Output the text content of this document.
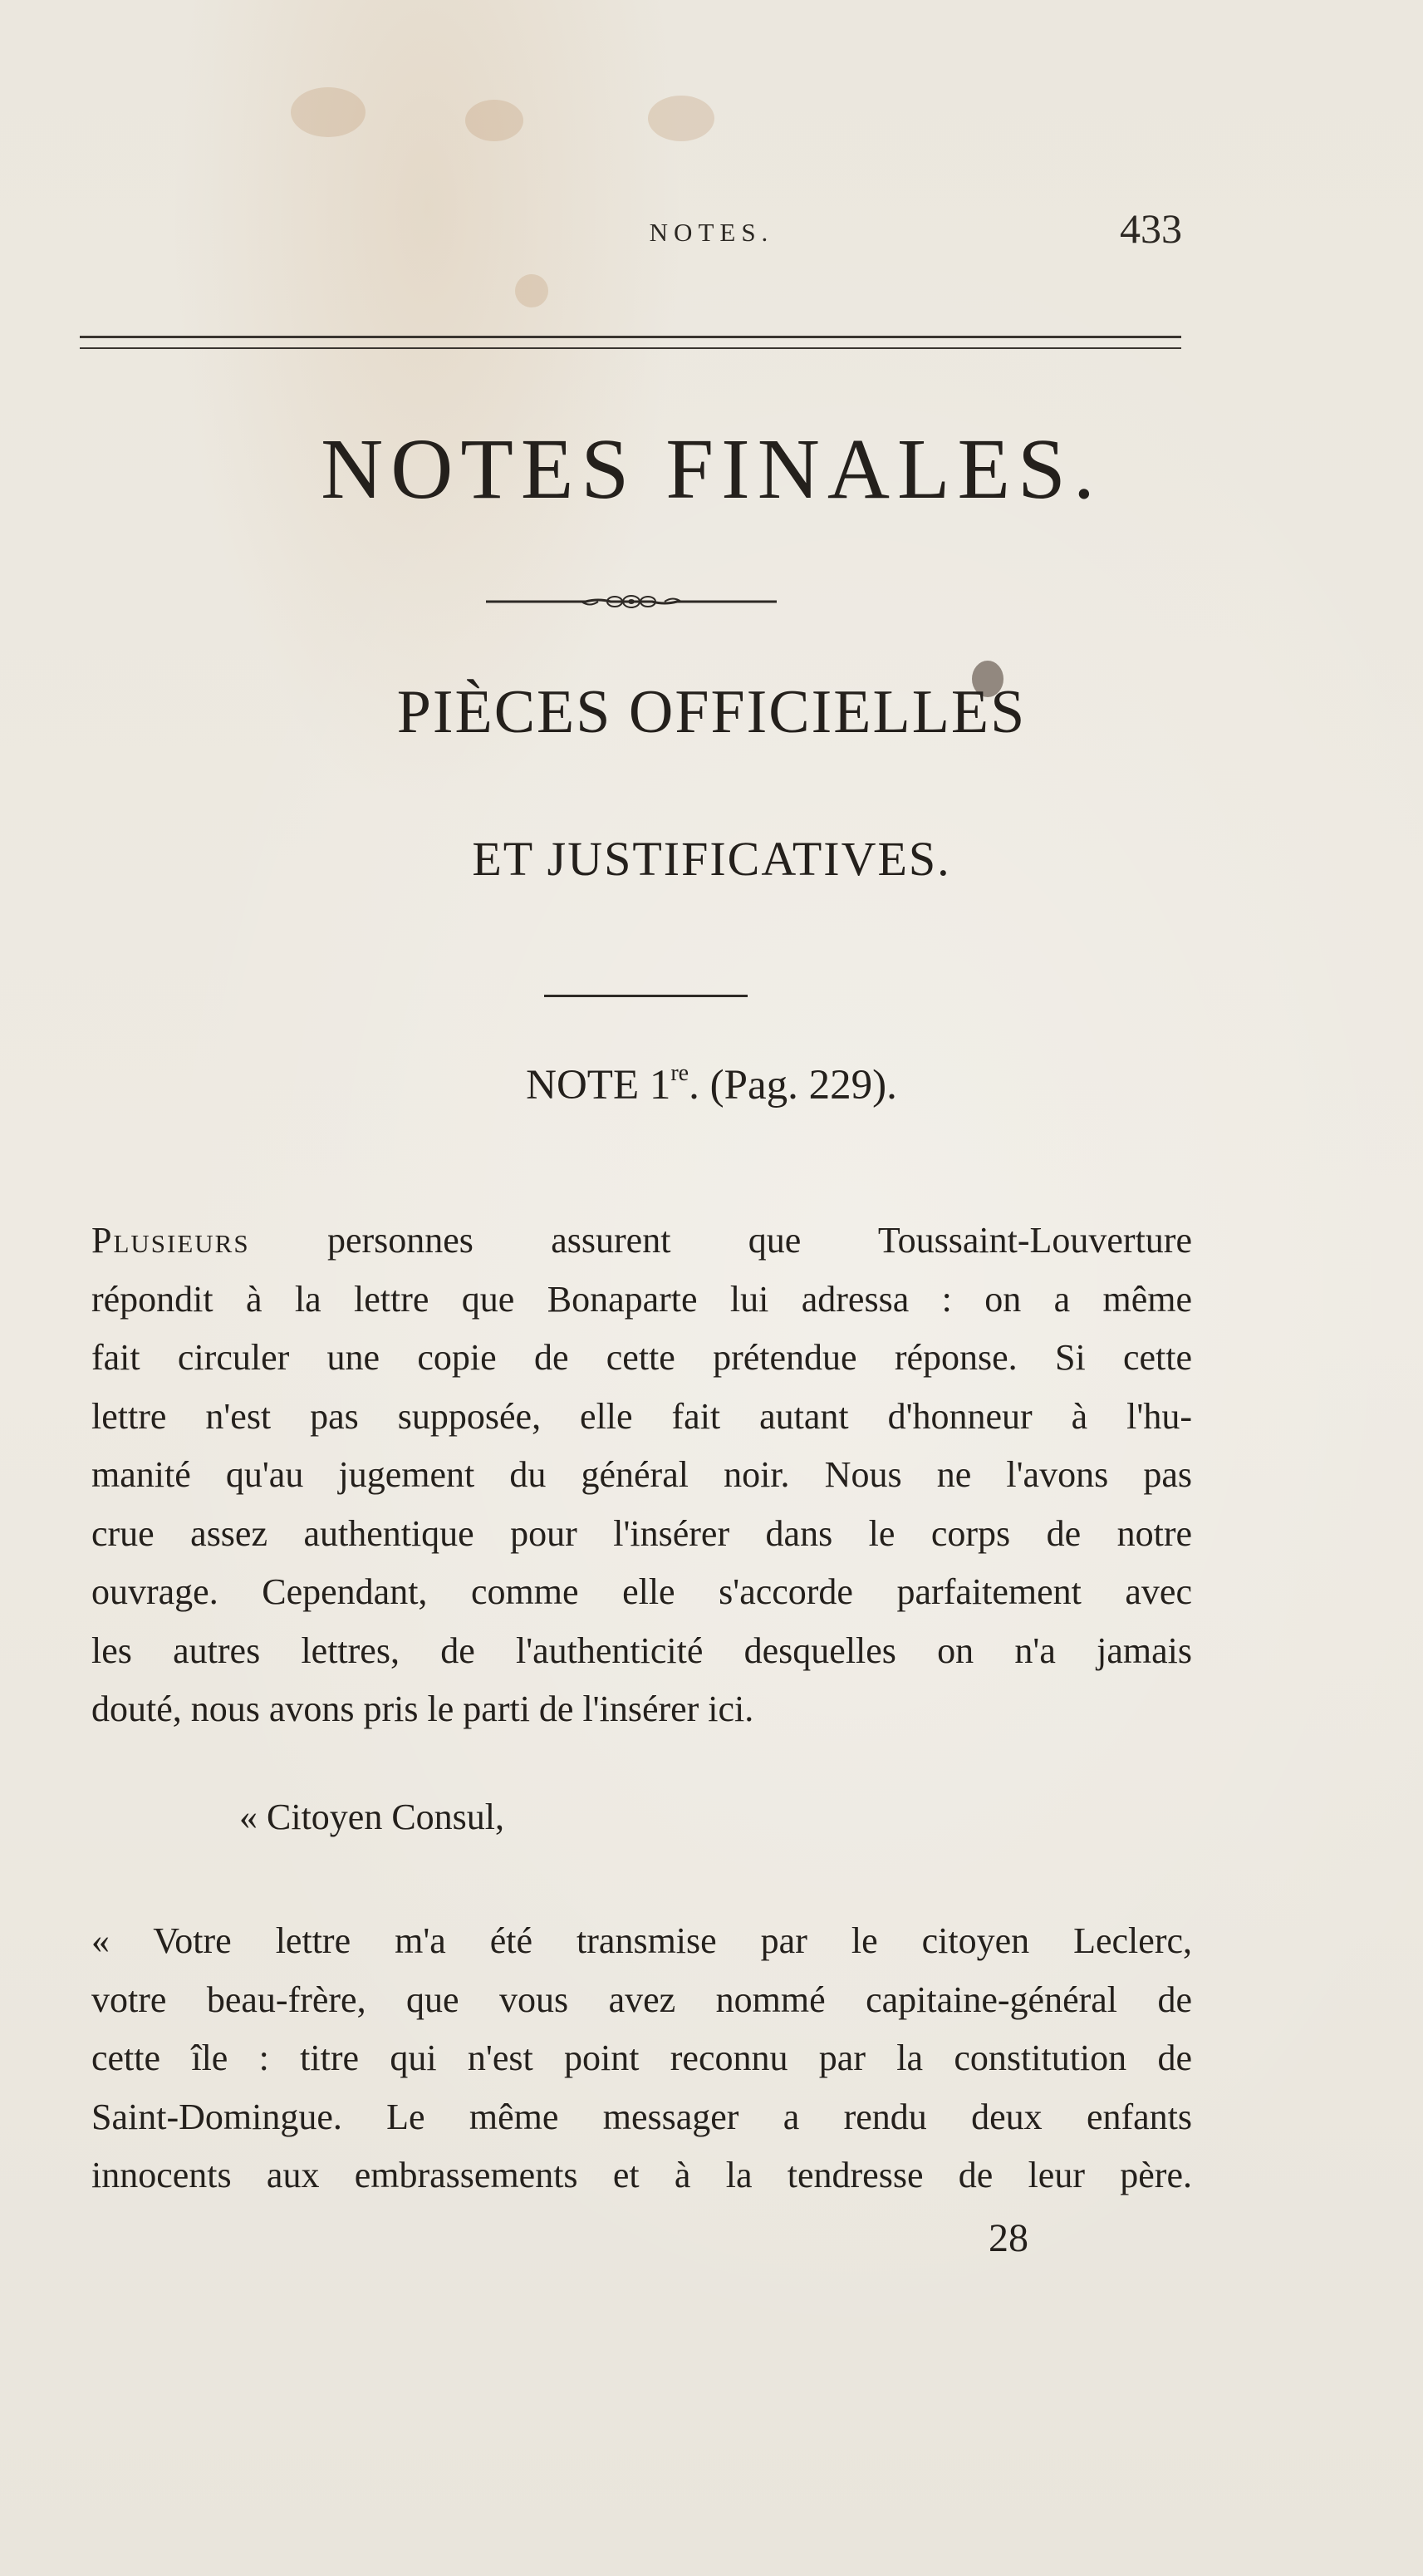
NOTES.	433
NOTES FINALES.
PIÈCES OFFICIELLES
ET JUSTIFICATIVES.
NOTE 1re. (Pag. 229).
Plusieurs personnes assurent que Toussaint-Louverture
répondit à la lettre que Bonaparte lui adressa : on a même
fait circuler une copie de cette prétendue réponse. Si cette
lettre n'est pas supposée, elle fait autant d'honneur à l'hu-
manité qu'au jugement du général noir. Nous ne l'avons pas
crue assez authentique pour l'insérer dans le corps de notre
ouvrage. Cependant, comme elle s'accorde parfaitement avec
les autres lettres, de l'authenticité desquelles on n'a jamais
douté, nous avons pris le parti de l'insérer ici.
« Citoyen Consul,
« Votre lettre m'a été transmise par le citoyen Leclerc,
votre beau-frère, que vous avez nommé capitaine-général de
cette île : titre qui n'est point reconnu par la constitution de
Saint-Domingue. Le même messager a rendu deux enfants
innocents aux embrassements et à la tendresse de leur père.
28
